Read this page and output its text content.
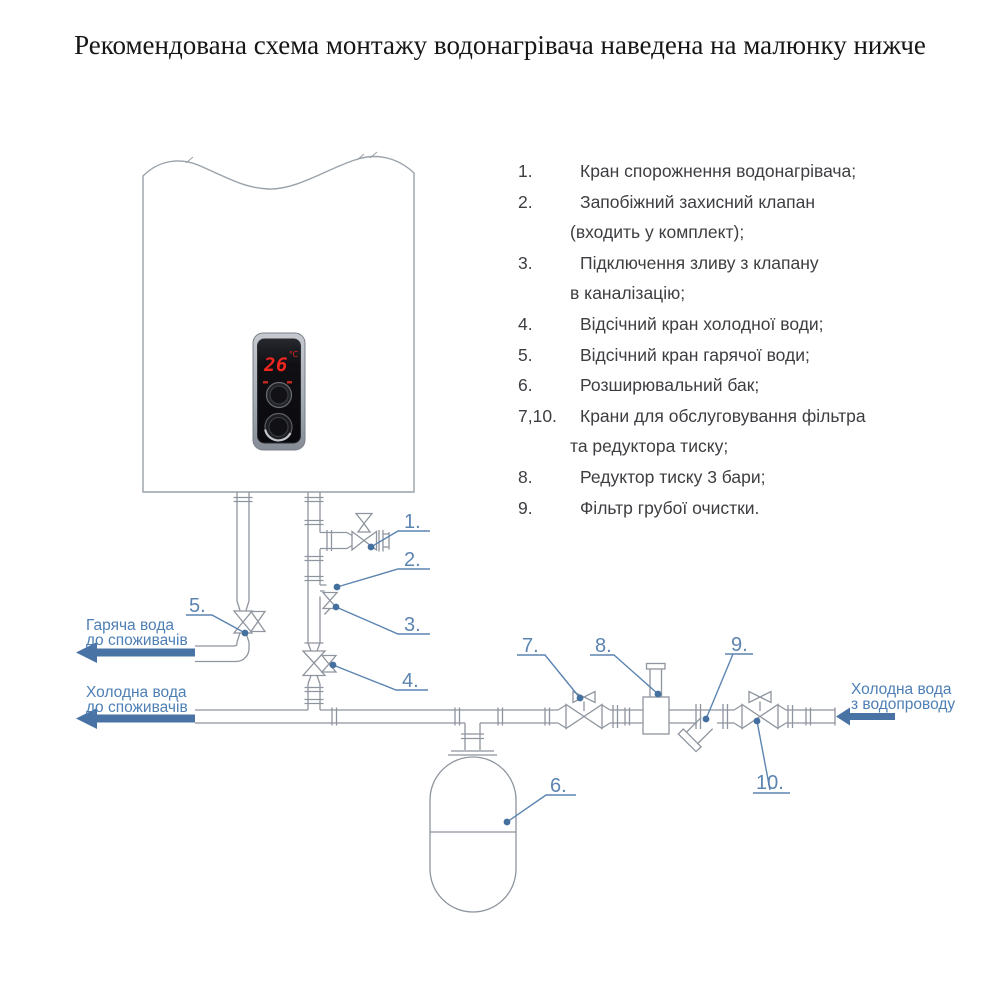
Рекомендована схема монтажу водонагрівача наведена на малюнку нижче
1.	Кран спорожнення водонагрівача;
2.	Запобіжний захисний клапан
(входить у комплект);
3.	Підключення зливу з клапану
в каналізацію;
4.	Відсічний кран холодної води;
5.	Відсічний кран гарячої води;
6.	Розширювальний бак;
7,10.	Крани для обслуговування фільтра
та редуктора тиску;
8.	Редуктор тиску 3 бари;
9.	Фільтр грубої очистки.
26 °C
Гаряча вода
до споживачів
Холодна вода
до споживачів
Холодна вода
з водопроводу
1.
2.
3.
4.
5.
6.
7.	8.	9.
10.
